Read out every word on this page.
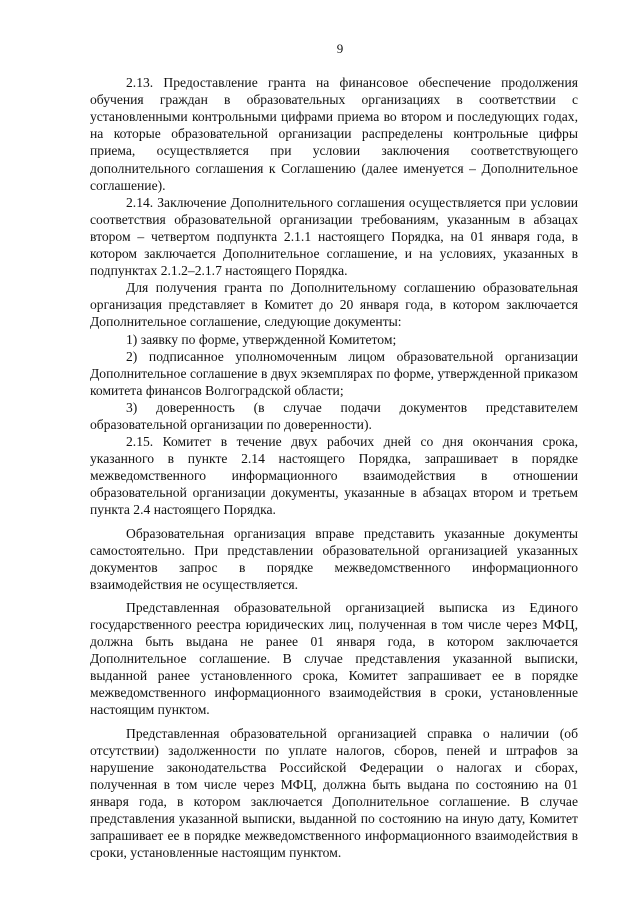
9

2.13. Предоставление гранта на финансовое обеспечение продолжения обучения граждан в образовательных организациях в соответствии с установленными контрольными цифрами приема во втором и последующих годах, на которые образовательной организации распределены контрольные цифры приема, осуществляется при условии заключения соответствующего дополнительного соглашения к Соглашению (далее именуется – Дополнительное соглашение).

2.14. Заключение Дополнительного соглашения осуществляется при условии соответствия образовательной организации требованиям, указанным в абзацах втором – четвертом подпункта 2.1.1 настоящего Порядка, на 01 января года, в котором заключается Дополнительное соглашение, и на условиях, указанных в подпунктах 2.1.2–2.1.7 настоящего Порядка.

Для получения гранта по Дополнительному соглашению образовательная организация представляет в Комитет до 20 января года, в котором заключается Дополнительное соглашение, следующие документы:

1) заявку по форме, утвержденной Комитетом;

2) подписанное уполномоченным лицом образовательной организации Дополнительное соглашение в двух экземплярах по форме, утвержденной приказом комитета финансов Волгоградской области;

3) доверенность (в случае подачи документов представителем образовательной организации по доверенности).

2.15. Комитет в течение двух рабочих дней со дня окончания срока, указанного в пункте 2.14 настоящего Порядка, запрашивает в порядке межведомственного информационного взаимодействия в отношении образовательной организации документы, указанные в абзацах втором и третьем пункта 2.4 настоящего Порядка.

Образовательная организация вправе представить указанные документы самостоятельно. При представлении образовательной организацией указанных документов запрос в порядке межведомственного информационного взаимодействия не осуществляется.

Представленная образовательной организацией выписка из Единого государственного реестра юридических лиц, полученная в том числе через МФЦ, должна быть выдана не ранее 01 января года, в котором заключается Дополнительное соглашение. В случае представления указанной выписки, выданной ранее установленного срока, Комитет запрашивает ее в порядке межведомственного информационного взаимодействия в сроки, установленные настоящим пунктом.

Представленная образовательной организацией справка о наличии (об отсутствии) задолженности по уплате налогов, сборов, пеней и штрафов за нарушение законодательства Российской Федерации о налогах и сборах, полученная в том числе через МФЦ, должна быть выдана по состоянию на 01 января года, в котором заключается Дополнительное соглашение. В случае представления указанной выписки, выданной по состоянию на иную дату, Комитет запрашивает ее в порядке межведомственного информационного взаимодействия в сроки, установленные настоящим пунктом.
